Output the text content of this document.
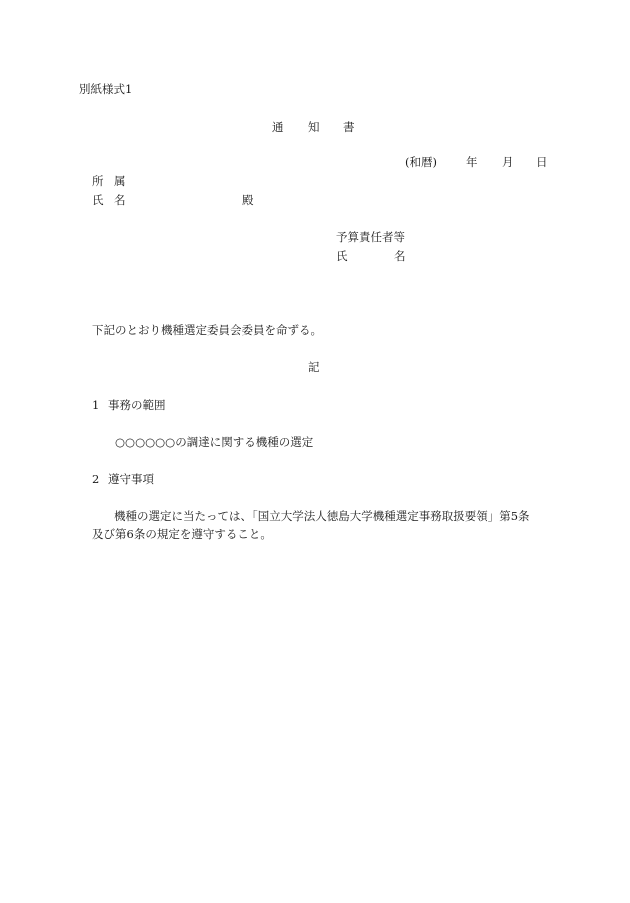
別紙様式1
通 知 書
(和暦)	年 月 日
所 属
氏 名	殿
予算責任者等
氏	名
下記のとおり機種選定委員会委員を命ずる。
記
1 事務の範囲
○○○○○○の調達に関する機種の選定
2 遵守事項
機種の選定に当たっては、「国立大学法人徳島大学機種選定事務取扱要領」第5条
及び第6条の規定を遵守すること。
